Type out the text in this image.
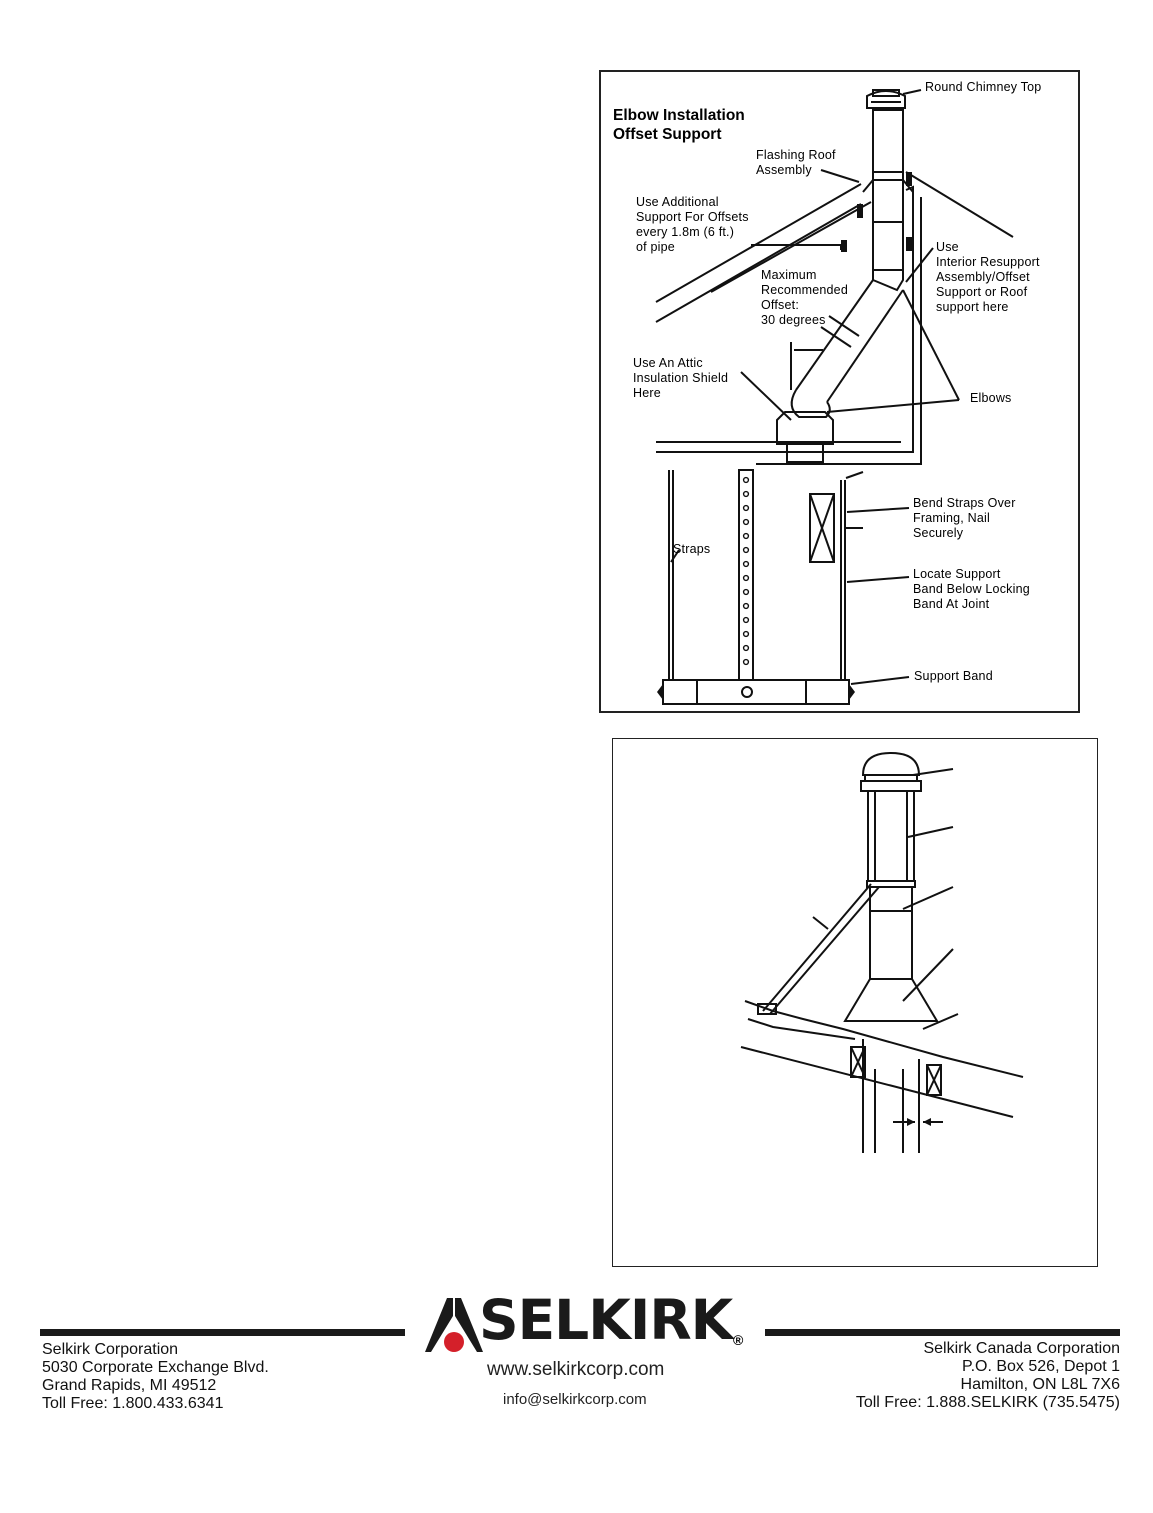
Elbow Installation
Offset Support
Round Chimney Top
Flashing Roof
Assembly
Use Additional
Support For Offsets
every 1.8m (6 ft.)
of pipe
Maximum
Recommended
Offset:
30 degrees
Use
Interior Resupport
Assembly/Offset
Support or Roof
support here
Use An Attic
Insulation Shield
Here	Elbows
Straps
Bend Straps Over
Framing, Nail
Securely
Locate Support
Band Below Locking
Band At Joint
Support Band
SELKIRK ®
www.selkirkcorp.com
info@selkirkcorp.com
Selkirk Corporation
5030 Corporate Exchange Blvd.
Grand Rapids, MI 49512
Toll Free: 1.800.433.6341
Selkirk Canada Corporation
P.O. Box 526, Depot 1
Hamilton, ON L8L 7X6
Toll Free: 1.888.SELKIRK (735.5475)
